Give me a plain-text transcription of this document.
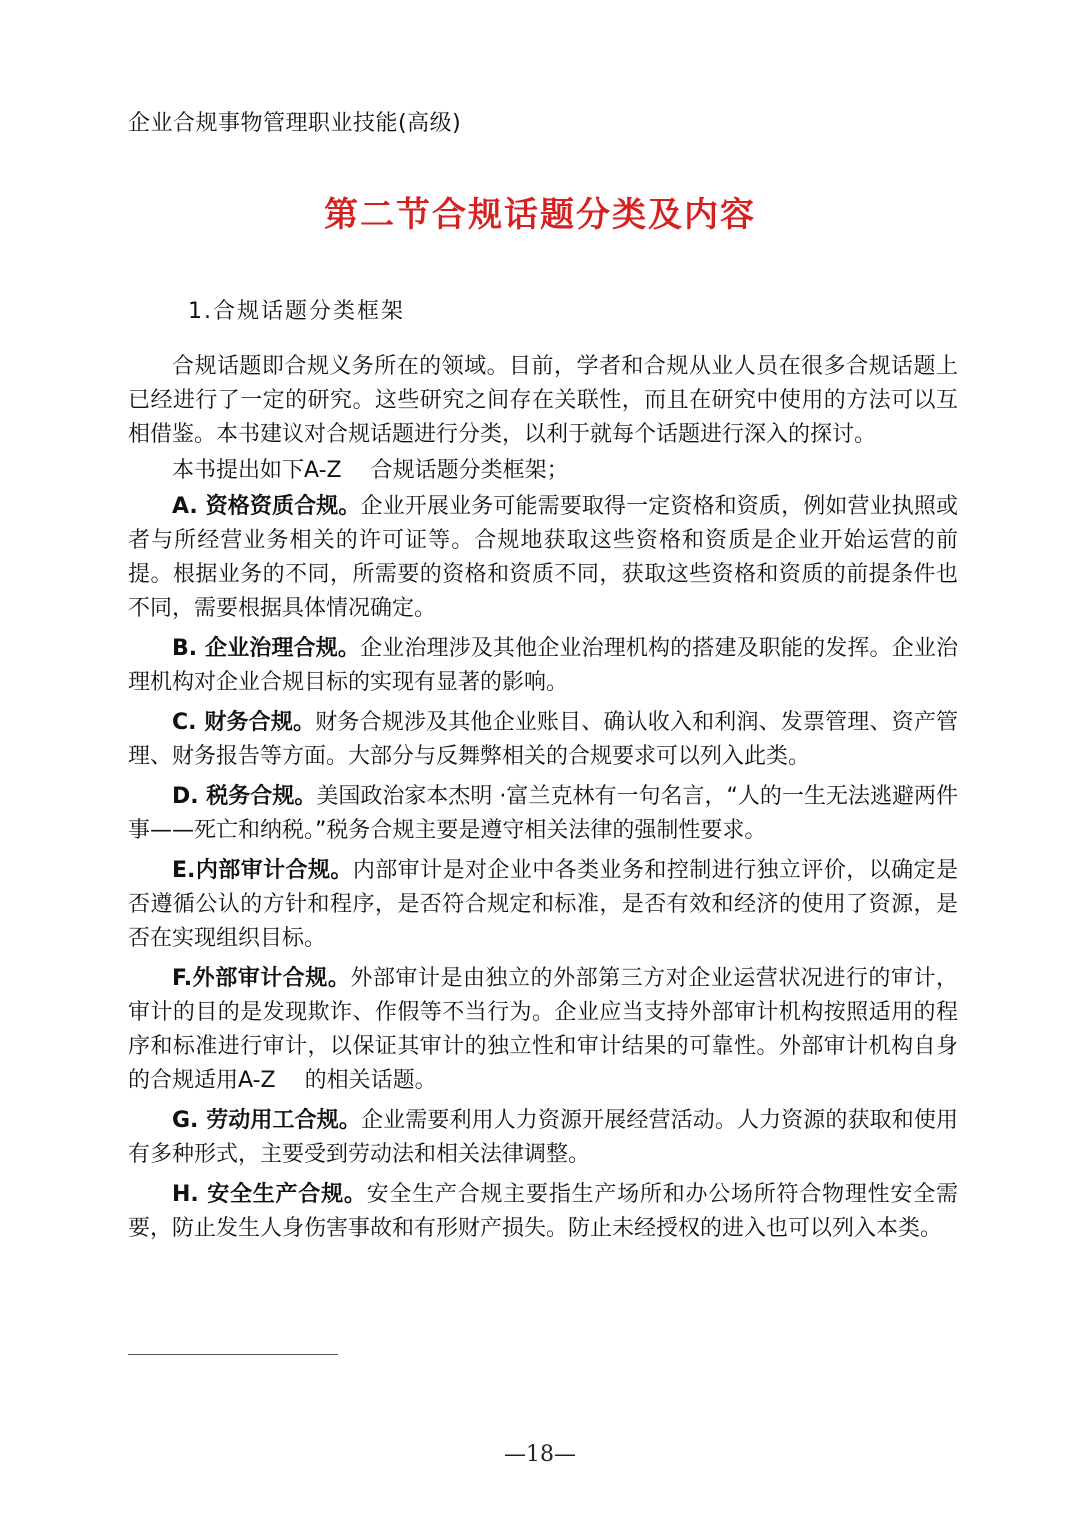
企业合规事物管理职业技能(高级)
第二节合规话题分类及内容
1.合规话题分类框架

合规话题即合规义务所在的领域。目前，学者和合规从业人员在很多合规话题上已经进行了一定的研究。这些研究之间存在关联性，而且在研究中使用的方法可以互相借鉴。本书建议对合规话题进行分类，以利于就每个话题进行深入的探讨。

本书提出如下A-Z　 合规话题分类框架；

A. 资格资质合规。企业开展业务可能需要取得一定资格和资质，例如营业执照或者与所经营业务相关的许可证等。合规地获取这些资格和资质是企业开始运营的前提。根据业务的不同，所需要的资格和资质不同，获取这些资格和资质的前提条件也不同，需要根据具体情况确定。

B. 企业治理合规。企业治理涉及其他企业治理机构的搭建及职能的发挥。企业治理机构对企业合规目标的实现有显著的影响。

C. 财务合规。财务合规涉及其他企业账目、确认收入和利润、发票管理、资产管理、财务报告等方面。大部分与反舞弊相关的合规要求可以列入此类。

D. 税务合规。美国政治家本杰明 ·富兰克林有一句名言，“人的一生无法逃避两件事——死亡和纳税。”税务合规主要是遵守相关法律的强制性要求。

E.内部审计合规。内部审计是对企业中各类业务和控制进行独立评价，以确定是否遵循公认的方针和程序，是否符合规定和标准，是否有效和经济的使用了资源，是否在实现组织目标。

F.外部审计合规。外部审计是由独立的外部第三方对企业运营状况进行的审计，审计的目的是发现欺诈、作假等不当行为。企业应当支持外部审计机构按照适用的程序和标准进行审计，以保证其审计的独立性和审计结果的可靠性。外部审计机构自身的合规适用A-Z　 的相关话题。

G. 劳动用工合规。企业需要利用人力资源开展经营活动。人力资源的获取和使用有多种形式，主要受到劳动法和相关法律调整。

H. 安全生产合规。安全生产合规主要指生产场所和办公场所符合物理性安全需要，防止发生人身伤害事故和有形财产损失。防止未经授权的进入也可以列入本类。

—18—
